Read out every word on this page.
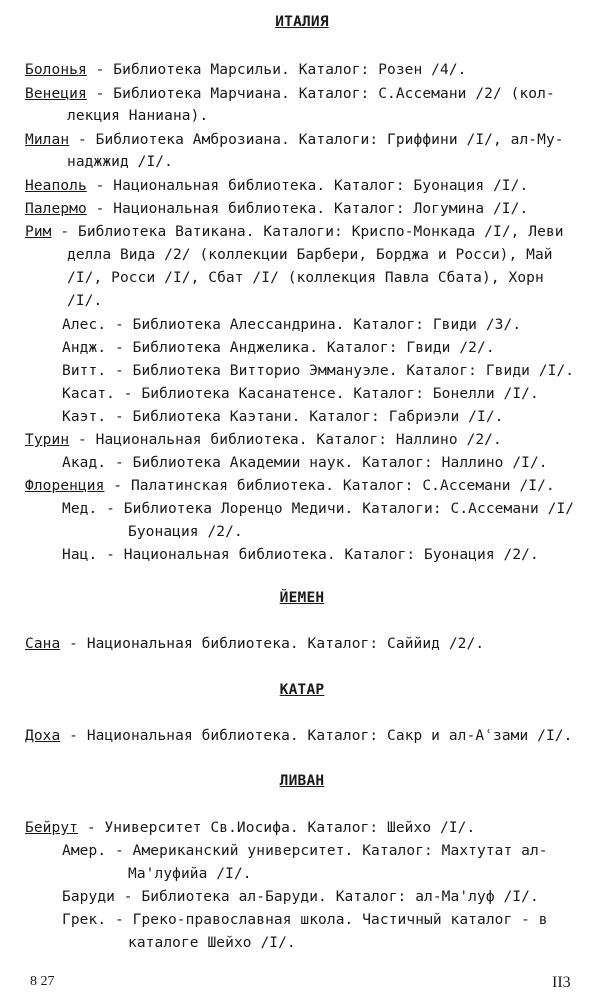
ИТАЛИЯ
Болонья - Библиотека Марсильи. Каталог: Розен /4/.
Венеция - Библиотека Марчиана. Каталог: С.Ассемани /2/ (кол-
лекция Наниана).
Милан - Библиотека Амброзиана. Каталоги: Гриффини /I/, ал-Му-
наджжид /I/.
Неаполь - Национальная библиотека. Каталог: Буонация /I/.
Палермо - Национальная библиотека. Каталог: Логумина /I/.
Рим - Библиотека Ватикана. Каталоги: Криспо-Монкада /I/, Леви
делла Вида /2/ (коллекции Барбери, Борджа и Росси), Май
/I/, Росси /I/, Сбат /I/ (коллекция Павла Сбата), Хорн
/I/.
Алес. - Библиотека Алессандрина. Каталог: Гвиди /3/.
Андж. - Библиотека Анджелика. Каталог: Гвиди /2/.
Витт. - Библиотека Витторио Эммануэле. Каталог: Гвиди /I/.
Касат. - Библиотека Касанатенсе. Каталог: Бонелли /I/.
Каэт. - Библиотека Каэтани. Каталог: Габриэли /I/.
Турин - Национальная библиотека. Каталог: Наллино /2/.
Акад. - Библиотека Академии наук. Каталог: Наллино /I/.
Флоренция - Палатинская библиотека. Каталог: С.Ассемани /I/.
Мед. - Библиотека Лоренцо Медичи. Каталоги: С.Ассемани /I/
Буонация /2/.
Нац. - Национальная библиотека. Каталог: Буонация /2/.
ЙЕМЕН
Сана - Национальная библиотека. Каталог: Саййид /2/.
КАТАР
Доха - Национальная библиотека. Каталог: Сакр и ал-Аʿзами /I/.
ЛИВАН
Бейрут - Университет Св.Иосифа. Каталог: Шейхо /I/.
Амер. - Американский университет. Каталог: Махтутат ал-
Ма'луфийа /I/.
Баруди - Библиотека ал-Баруди. Каталог: ал-Ма'луф /I/.
Грек. - Греко-православная школа. Частичный каталог - в
каталоге Шейхо /I/.
8 27	II3
